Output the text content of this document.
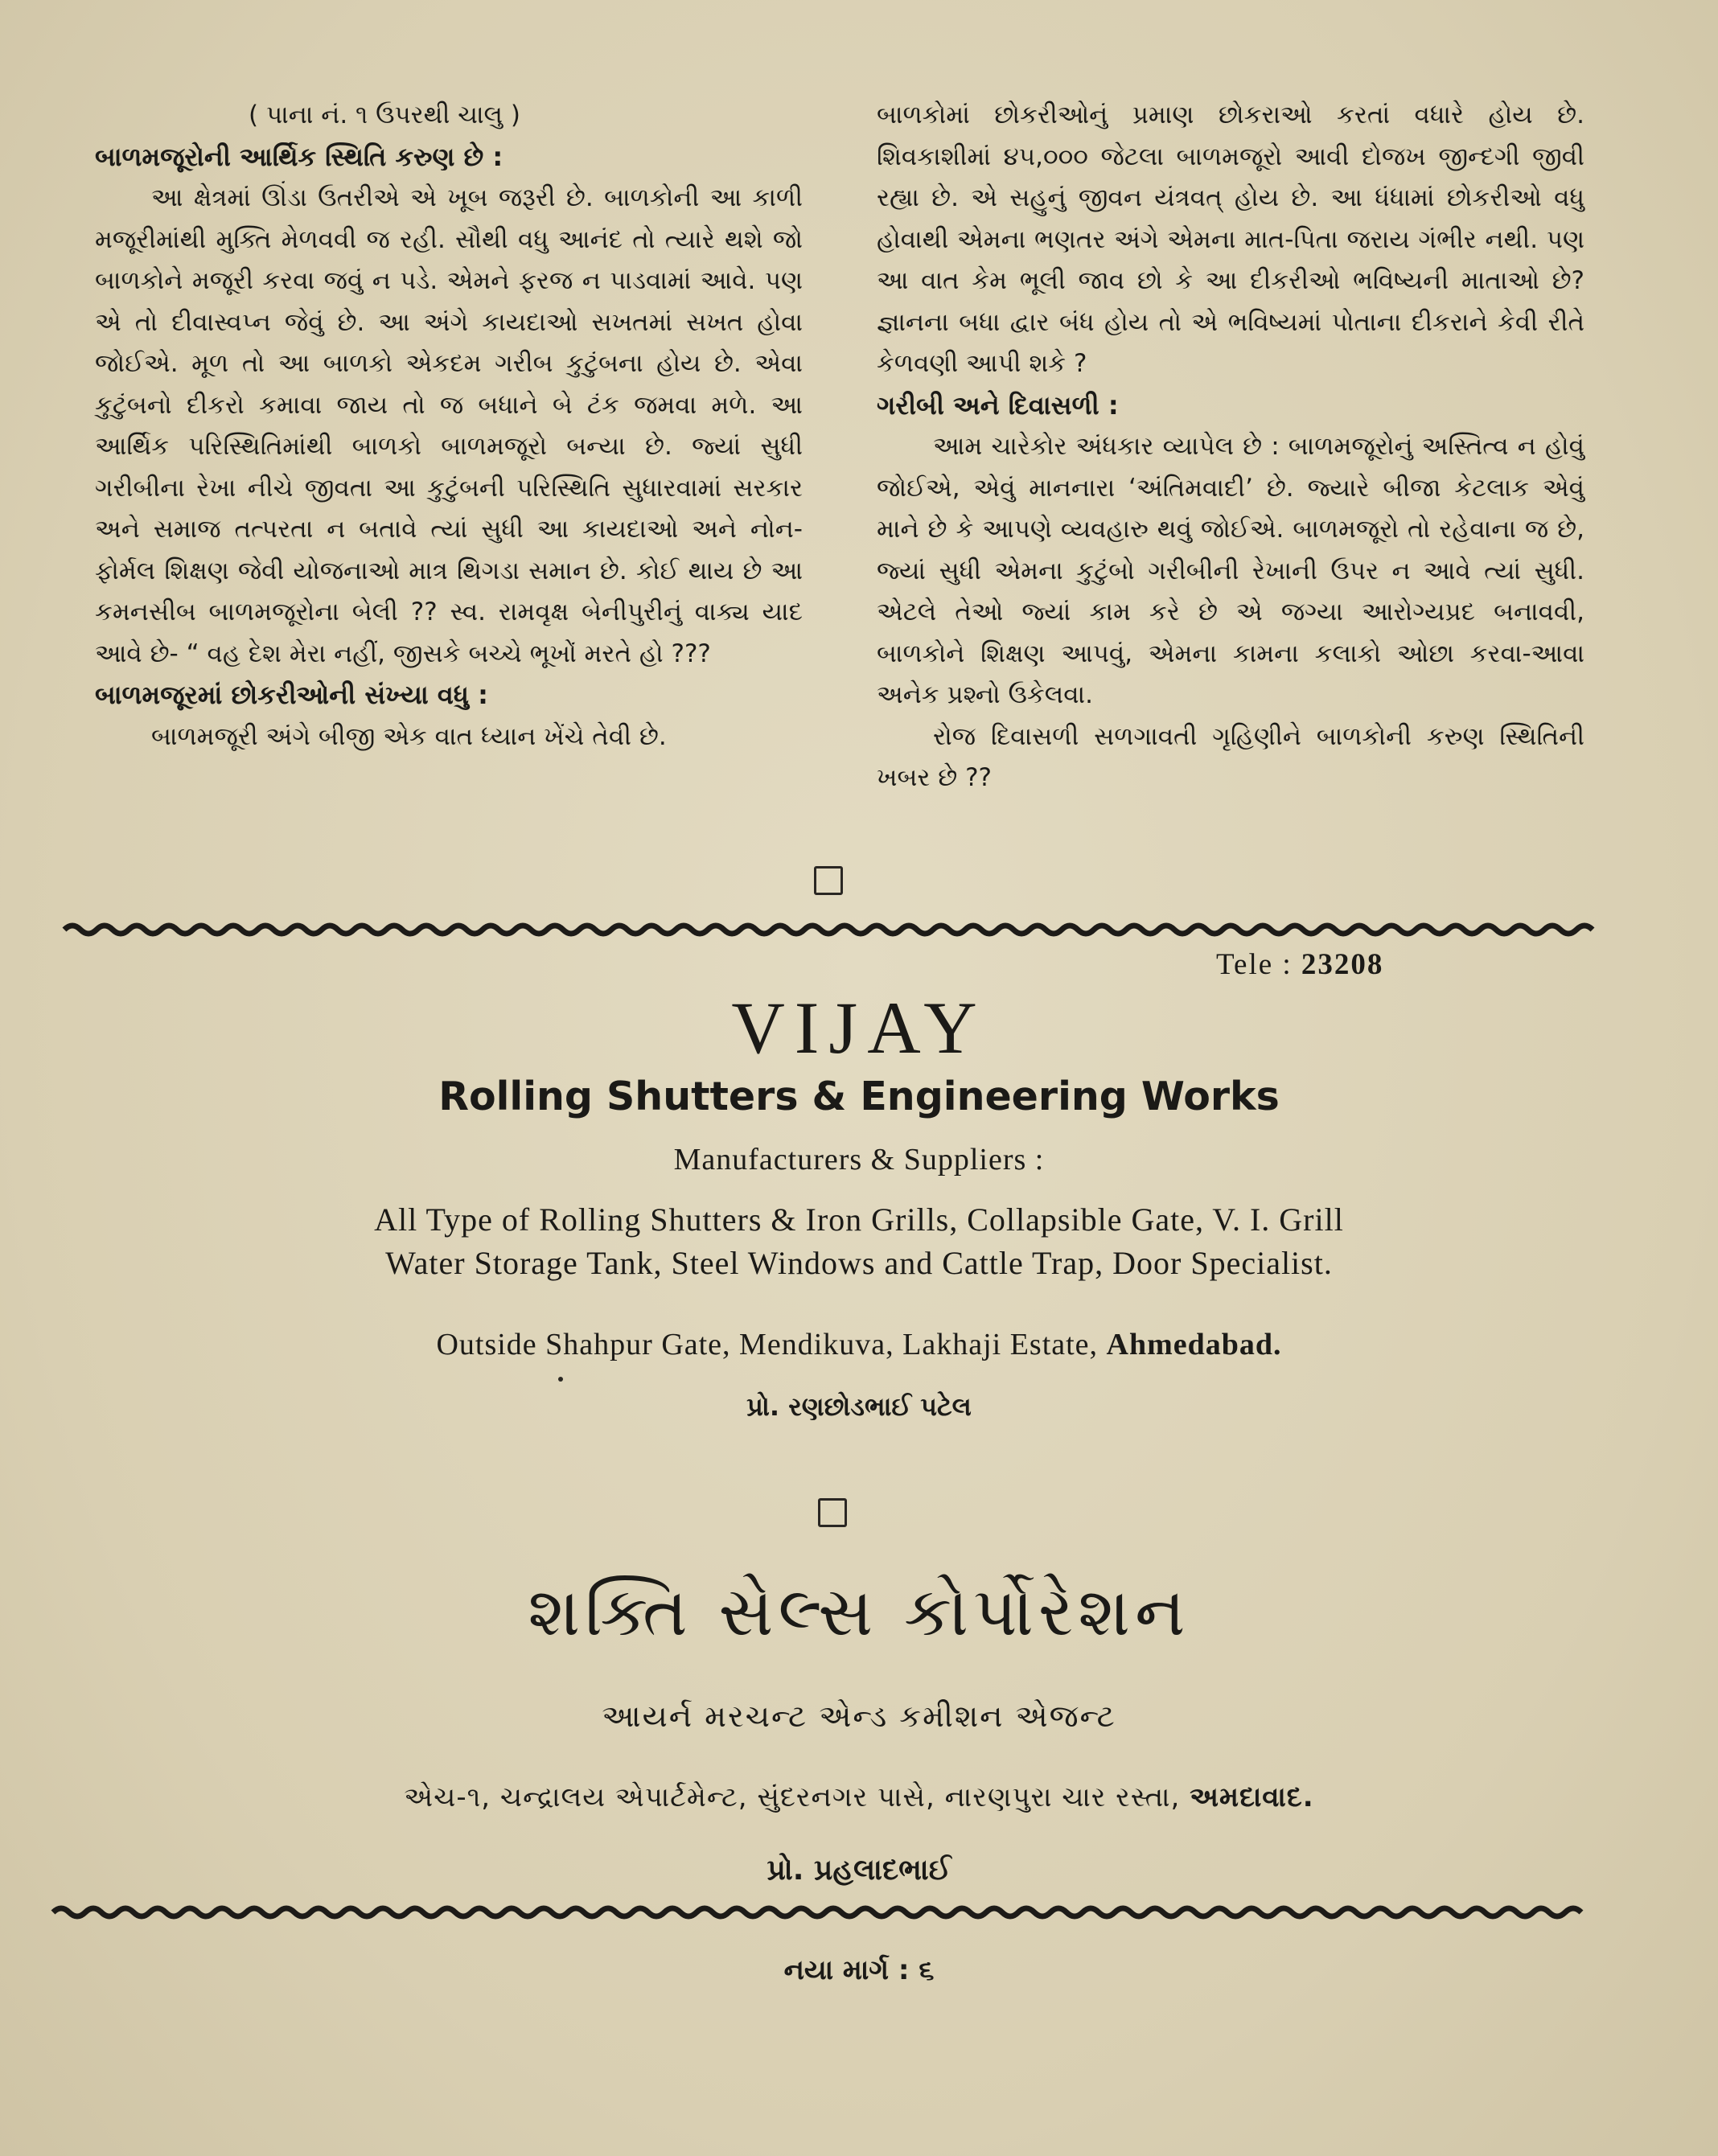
( પાના નં. ૧ ઉપરથી ચાલુ )

બાળમજૂરોની આર્થિક સ્થિતિ કરુણ છે :

આ ક્ષેત્રમાં ઊંડા ઉતરીએ એ ખૂબ જરૂરી છે. બાળકોની આ કાળી મજૂરીમાંથી મુક્તિ મેળવવી જ રહી. સૌથી વધુ આનંદ તો ત્યારે થશે જો બાળકોને મજૂરી કરવા જવું ન પડે. એમને ફરજ ન પાડવામાં આવે. પણ એ તો દીવાસ્વપ્ન જેવું છે. આ અંગે કાયદાઓ સખતમાં સખત હોવા જોઈએ. મૂળ તો આ બાળકો એકદમ ગરીબ કુટુંબના હોય છે. એવા કુટુંબનો દીકરો કમાવા જાય તો જ બધાને બે ટંક જમવા મળે. આ આર્થિક પરિસ્થિતિમાંથી બાળકો બાળમજૂરો બન્યા છે. જ્યાં સુધી ગરીબીના રેખા નીચે જીવતા આ કુટુંબની પરિસ્થિતિ સુધારવામાં સરકાર અને સમાજ તત્પરતા ન બતાવે ત્યાં સુધી આ કાયદાઓ અને નોન-ફોર્મલ શિક્ષણ જેવી યોજનાઓ માત્ર થિગડા સમાન છે. કોઈ થાય છે આ કમનસીબ બાળમજૂરોના બેલી ?? સ્વ. રામવૃક્ષ બેનીપુરીનું વાક્ય યાદ આવે છે- “ વહ દેશ મેરા નહીં, જીસકે બચ્ચે ભૂખોં મરતે હો ???

બાળમજૂરમાં છોકરીઓની સંખ્યા વધુ :

બાળમજૂરી અંગે બીજી એક વાત ધ્યાન ખેંચે તેવી છે.

બાળકોમાં છોકરીઓનું પ્રમાણ છોકરાઓ કરતાં વધારે હોય છે. શિવકાશીમાં ૪૫,૦૦૦ જેટલા બાળમજૂરો આવી દોજખ જીન્દગી જીવી રહ્યા છે. એ સહુનું જીવન યંત્રવત્ હોય છે. આ ધંધામાં છોકરીઓ વધુ હોવાથી એમના ભણતર અંગે એમના માત-પિતા જરાય ગંભીર નથી. પણ આ વાત કેમ ભૂલી જાવ છો કે આ દીકરીઓ ભવિષ્યની માતાઓ છે? જ્ઞાનના બધા દ્વાર બંધ હોય તો એ ભવિષ્યમાં પોતાના દીકરાને કેવી રીતે કેળવણી આપી શકે ?

ગરીબી અને દિવાસળી :

આમ ચારેકોર અંધકાર વ્યાપેલ છે : બાળમજૂરોનું અસ્તિત્વ ન હોવું જોઈએ, એવું માનનારા ‘અંતિમવાદી’ છે. જ્યારે બીજા કેટલાક એવું માને છે કે આપણે વ્યવહારુ થવું જોઈએ. બાળમજૂરો તો રહેવાના જ છે, જ્યાં સુધી એમના કુટુંબો ગરીબીની રેખાની ઉપર ન આવે ત્યાં સુધી. એટલે તેઓ જ્યાં કામ કરે છે એ જગ્યા આરોગ્યપ્રદ બનાવવી, બાળકોને શિક્ષણ આપવું, એમના કામના કલાકો ઓછા કરવા-આવા અનેક પ્રશ્નો ઉકેલવા.

રોજ દિવાસળી સળગાવતી ગૃહિણીને બાળકોની કરુણ સ્થિતિની ખબર છે ??

Tele : 23208
VIJAY
Rolling Shutters & Engineering Works
Manufacturers & Suppliers :
All Type of Rolling Shutters & Iron Grills, Collapsible Gate, V. I. Grill
Water Storage Tank, Steel Windows and Cattle Trap, Door Specialist.
Outside Shahpur Gate, Mendikuva, Lakhaji Estate, Ahmedabad.
પ્રો. રણછોડભાઈ પટેલ
શક્તિ સેલ્સ કોર્પોરેશન
આયર્ન મરચન્ટ એન્ડ કમીશન એજન્ટ
એચ-૧, ચન્દ્રાલય એપાર્ટમેન્ટ, સુંદરનગર પાસે, નારણપુરા ચાર રસ્તા, અમદાવાદ.
પ્રો. પ્રહલાદભાઈ
નયા માર્ગ : ૬
